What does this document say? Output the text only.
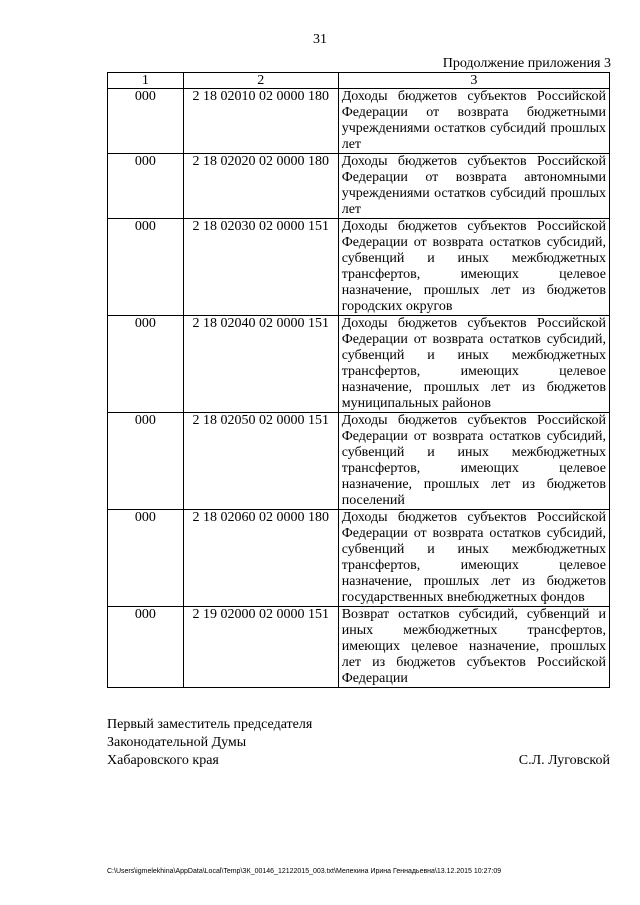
31
Продолжение приложения 3
1	2	3
000	2 18 02010 02 0000 180	Доходы бюджетов субъектов Российской Федерации от возврата бюджетными учреждениями остатков субсидий прошлых лет
000	2 18 02020 02 0000 180	Доходы бюджетов субъектов Российской Федерации от возврата автономными учреждениями остатков субсидий прошлых лет
000	2 18 02030 02 0000 151	Доходы бюджетов субъектов Российской Федерации от возврата остатков субсидий, субвенций и иных межбюджетных трансфертов, имеющих целевое назначение, прошлых лет из бюджетов городских округов
000	2 18 02040 02 0000 151	Доходы бюджетов субъектов Российской Федерации от возврата остатков субсидий, субвенций и иных межбюджетных трансфертов, имеющих целевое назначение, прошлых лет из бюджетов муниципальных районов
000	2 18 02050 02 0000 151	Доходы бюджетов субъектов Российской Федерации от возврата остатков субсидий, субвенций и иных межбюджетных трансфертов, имеющих целевое назначение, прошлых лет из бюджетов поселений
000	2 18 02060 02 0000 180	Доходы бюджетов субъектов Российской Федерации от возврата остатков субсидий, субвенций и иных межбюджетных трансфертов, имеющих целевое назначение, прошлых лет из бюджетов государственных внебюджетных фондов
000	2 19 02000 02 0000 151	Возврат остатков субсидий, субвенций и иных межбюджетных трансфертов, имеющих целевое назначение, прошлых лет из бюджетов субъектов Российской Федерации
Первый заместитель председателя
Законодательной Думы
Хабаровского края	С.Л. Луговской
C:\Users\igmelekhina\AppData\Local\Temp\ЗК_00146_12122015_003.txt\Мелехина Ирина Геннадьевна\13.12.2015 10:27:09
